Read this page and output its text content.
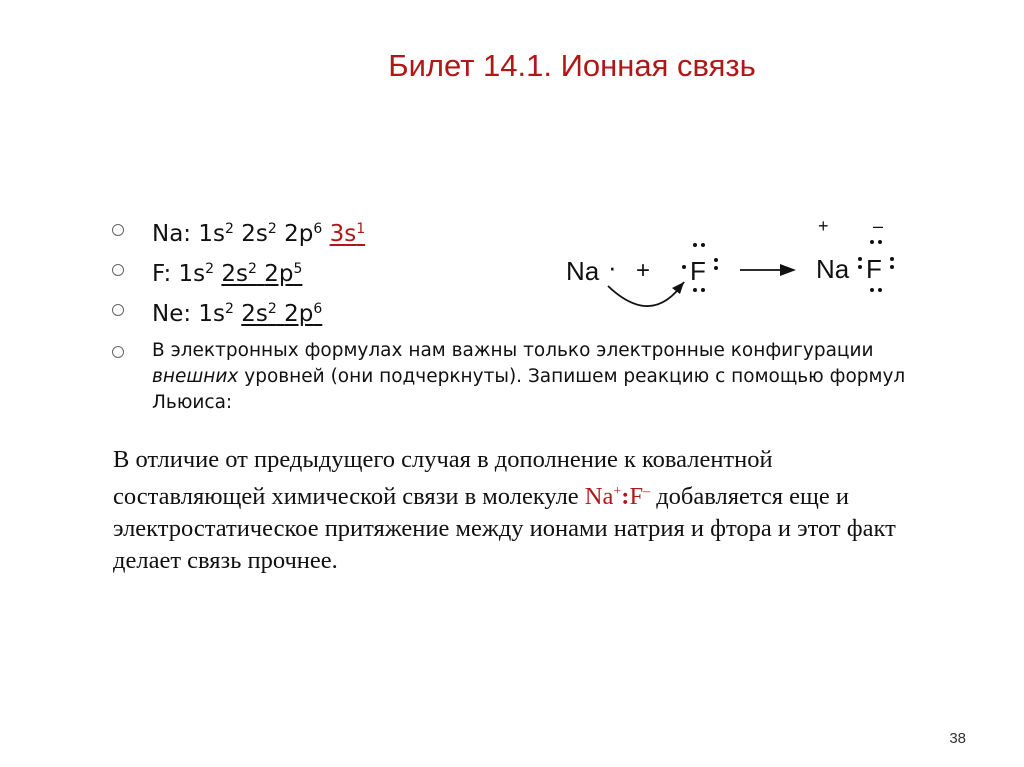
Билет 14.1. Ионная связь
Na: $1s^2$ $2s^2$ $2p^6$ $3s^1$
F: $1s^2$ $2s^2$ $2p^5$
Ne: $1s^2$ $2s^2$ $2p^6$
В электронных формулах нам важны только электронные конфигурации внешних уровней (они подчеркнуты). Запишем реакцию с помощью формул Льюиса:
Na · + F
+ –
Na F
В отличие от предыдущего случая в дополнение к ковалентной составляющей химической связи в молекуле Na+:F– добавляется еще и электростатическое притяжение между ионами натрия и фтора и этот факт делает связь прочнее.
38
